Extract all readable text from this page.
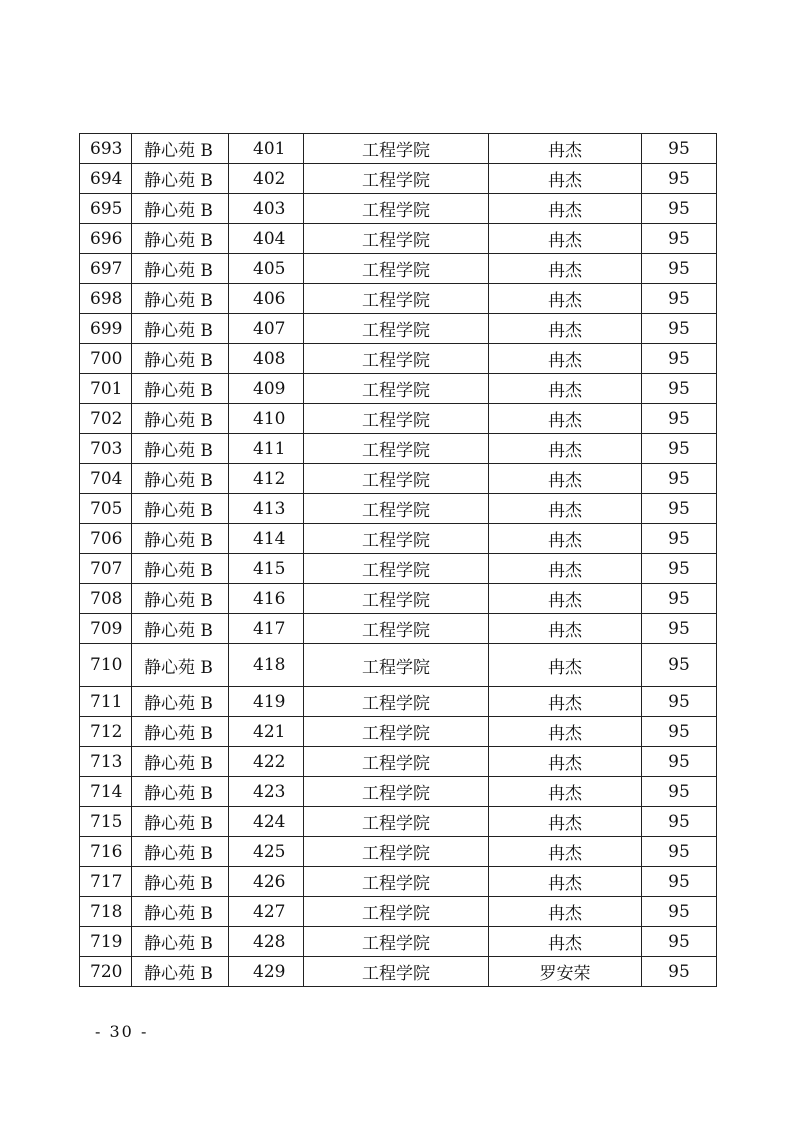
693	静心苑 B	401	工程学院	冉杰	95
694	静心苑 B	402	工程学院	冉杰	95
695	静心苑 B	403	工程学院	冉杰	95
696	静心苑 B	404	工程学院	冉杰	95
697	静心苑 B	405	工程学院	冉杰	95
698	静心苑 B	406	工程学院	冉杰	95
699	静心苑 B	407	工程学院	冉杰	95
700	静心苑 B	408	工程学院	冉杰	95
701	静心苑 B	409	工程学院	冉杰	95
702	静心苑 B	410	工程学院	冉杰	95
703	静心苑 B	411	工程学院	冉杰	95
704	静心苑 B	412	工程学院	冉杰	95
705	静心苑 B	413	工程学院	冉杰	95
706	静心苑 B	414	工程学院	冉杰	95
707	静心苑 B	415	工程学院	冉杰	95
708	静心苑 B	416	工程学院	冉杰	95
709	静心苑 B	417	工程学院	冉杰	95
710	静心苑 B	418	工程学院	冉杰	95
711	静心苑 B	419	工程学院	冉杰	95
712	静心苑 B	421	工程学院	冉杰	95
713	静心苑 B	422	工程学院	冉杰	95
714	静心苑 B	423	工程学院	冉杰	95
715	静心苑 B	424	工程学院	冉杰	95
716	静心苑 B	425	工程学院	冉杰	95
717	静心苑 B	426	工程学院	冉杰	95
718	静心苑 B	427	工程学院	冉杰	95
719	静心苑 B	428	工程学院	冉杰	95
720	静心苑 B	429	工程学院	罗安荣	95
- 30 -
